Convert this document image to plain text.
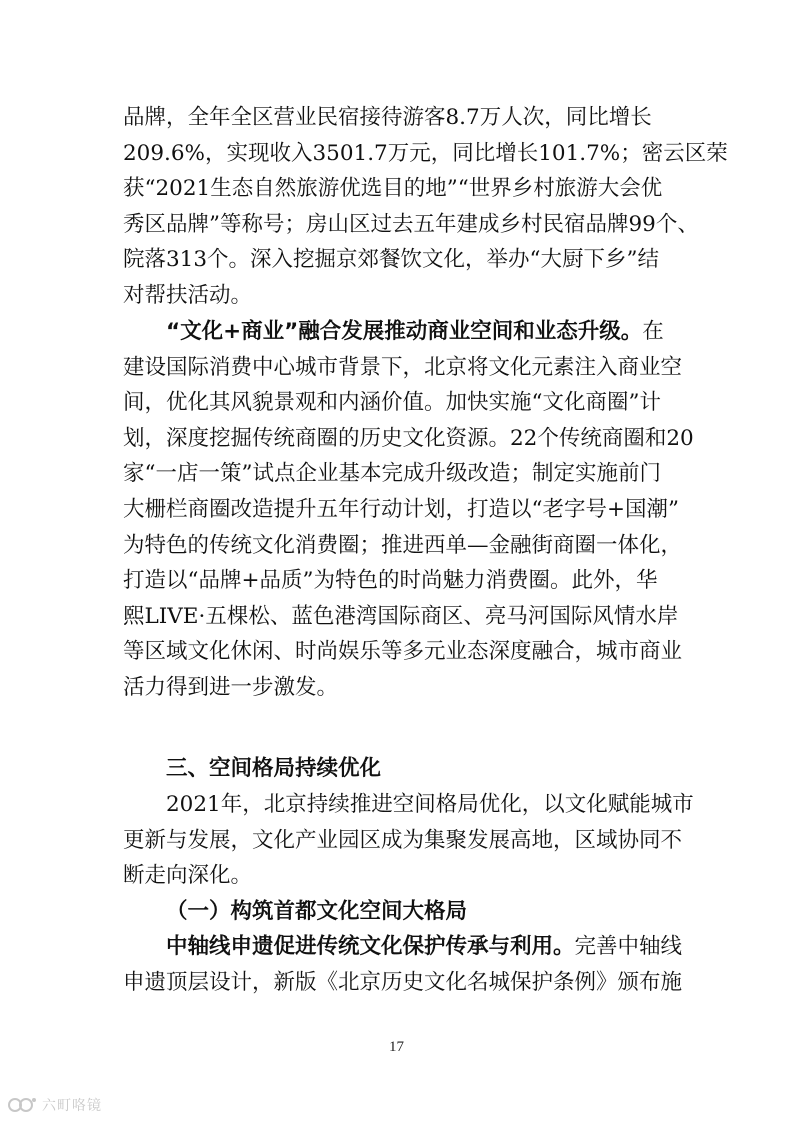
品牌，全年全区营业民宿接待游客8.7万人次，同比增长
209.6%，实现收入3501.7万元，同比增长101.7%；密云区荣
获“2021生态自然旅游优选目的地”“世界乡村旅游大会优
秀区品牌”等称号；房山区过去五年建成乡村民宿品牌99个、
院落313个。深入挖掘京郊餐饮文化，举办“大厨下乡”结
对帮扶活动。

“文化+商业”融合发展推动商业空间和业态升级。在
建设国际消费中心城市背景下，北京将文化元素注入商业空
间，优化其风貌景观和内涵价值。加快实施“文化商圈”计
划，深度挖掘传统商圈的历史文化资源。22个传统商圈和20
家“一店一策”试点企业基本完成升级改造；制定实施前门
大栅栏商圈改造提升五年行动计划，打造以“老字号+国潮”
为特色的传统文化消费圈；推进西单—金融街商圈一体化，
打造以“品牌+品质”为特色的时尚魅力消费圈。此外，华
熙LIVE·五棵松、蓝色港湾国际商区、亮马河国际风情水岸
等区域文化休闲、时尚娱乐等多元业态深度融合，城市商业
活力得到进一步激发。

三、空间格局持续优化

2021年，北京持续推进空间格局优化，以文化赋能城市
更新与发展，文化产业园区成为集聚发展高地，区域协同不
断走向深化。

（一）构筑首都文化空间大格局

中轴线申遗促进传统文化保护传承与利用。完善中轴线
申遗顶层设计，新版《北京历史文化名城保护条例》颁布施

17
六町咯镜
